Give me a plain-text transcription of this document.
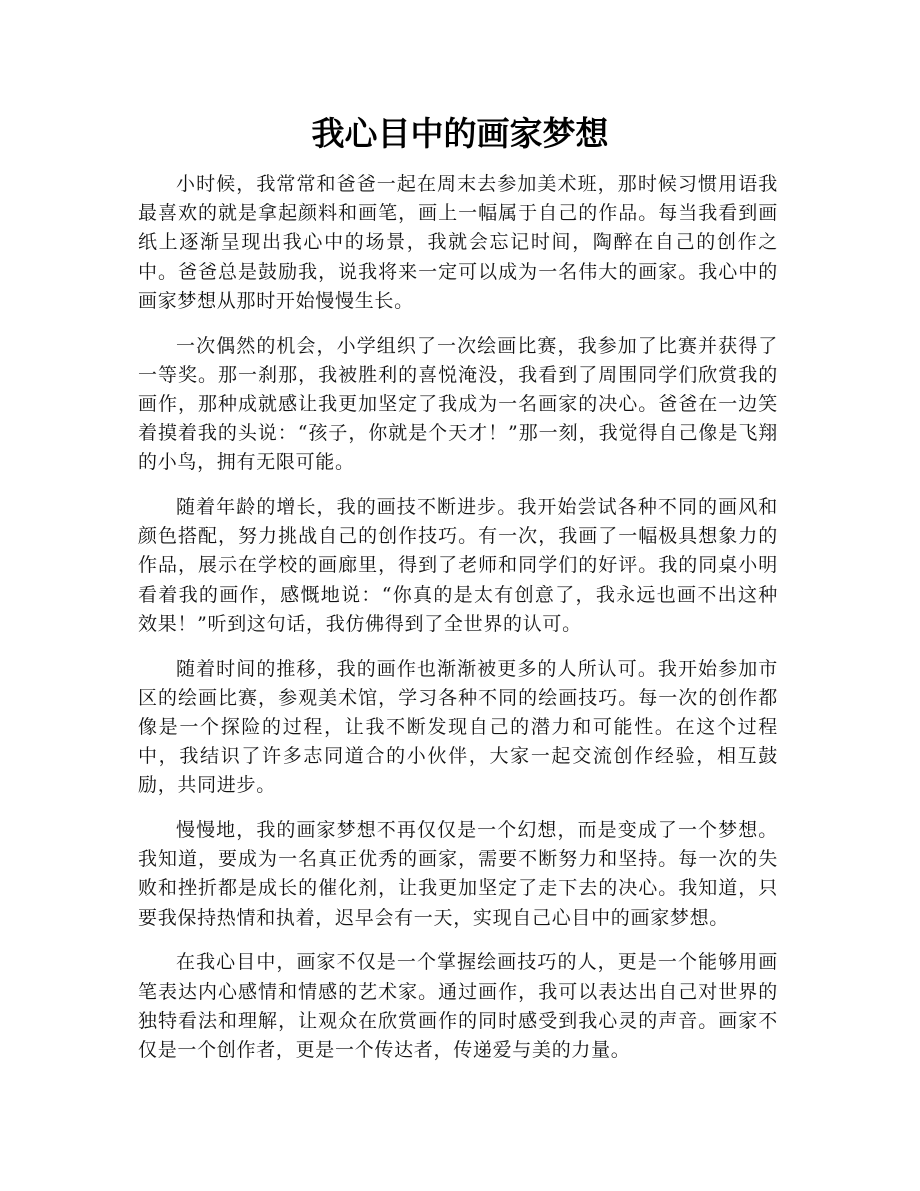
我心目中的画家梦想

小时候，我常常和爸爸一起在周末去参加美术班，那时候习惯用语我最喜欢的就是拿起颜料和画笔，画上一幅属于自己的作品。每当我看到画纸上逐渐呈现出我心中的场景，我就会忘记时间，陶醉在自己的创作之中。爸爸总是鼓励我，说我将来一定可以成为一名伟大的画家。我心中的画家梦想从那时开始慢慢生长。

一次偶然的机会，小学组织了一次绘画比赛，我参加了比赛并获得了一等奖。那一刹那，我被胜利的喜悦淹没，我看到了周围同学们欣赏我的画作，那种成就感让我更加坚定了我成为一名画家的决心。爸爸在一边笑着摸着我的头说：“孩子，你就是个天才！”那一刻，我觉得自己像是飞翔的小鸟，拥有无限可能。

随着年龄的增长，我的画技不断进步。我开始尝试各种不同的画风和颜色搭配，努力挑战自己的创作技巧。有一次，我画了一幅极具想象力的作品，展示在学校的画廊里，得到了老师和同学们的好评。我的同桌小明看着我的画作，感慨地说：“你真的是太有创意了，我永远也画不出这种效果！”听到这句话，我仿佛得到了全世界的认可。

随着时间的推移，我的画作也渐渐被更多的人所认可。我开始参加市区的绘画比赛，参观美术馆，学习各种不同的绘画技巧。每一次的创作都像是一个探险的过程，让我不断发现自己的潜力和可能性。在这个过程中，我结识了许多志同道合的小伙伴，大家一起交流创作经验，相互鼓励，共同进步。

慢慢地，我的画家梦想不再仅仅是一个幻想，而是变成了一个梦想。我知道，要成为一名真正优秀的画家，需要不断努力和坚持。每一次的失败和挫折都是成长的催化剂，让我更加坚定了走下去的决心。我知道，只要我保持热情和执着，迟早会有一天，实现自己心目中的画家梦想。

在我心目中，画家不仅是一个掌握绘画技巧的人，更是一个能够用画笔表达内心感情和情感的艺术家。通过画作，我可以表达出自己对世界的独特看法和理解，让观众在欣赏画作的同时感受到我心灵的声音。画家不仅是一个创作者，更是一个传达者，传递爱与美的力量。
